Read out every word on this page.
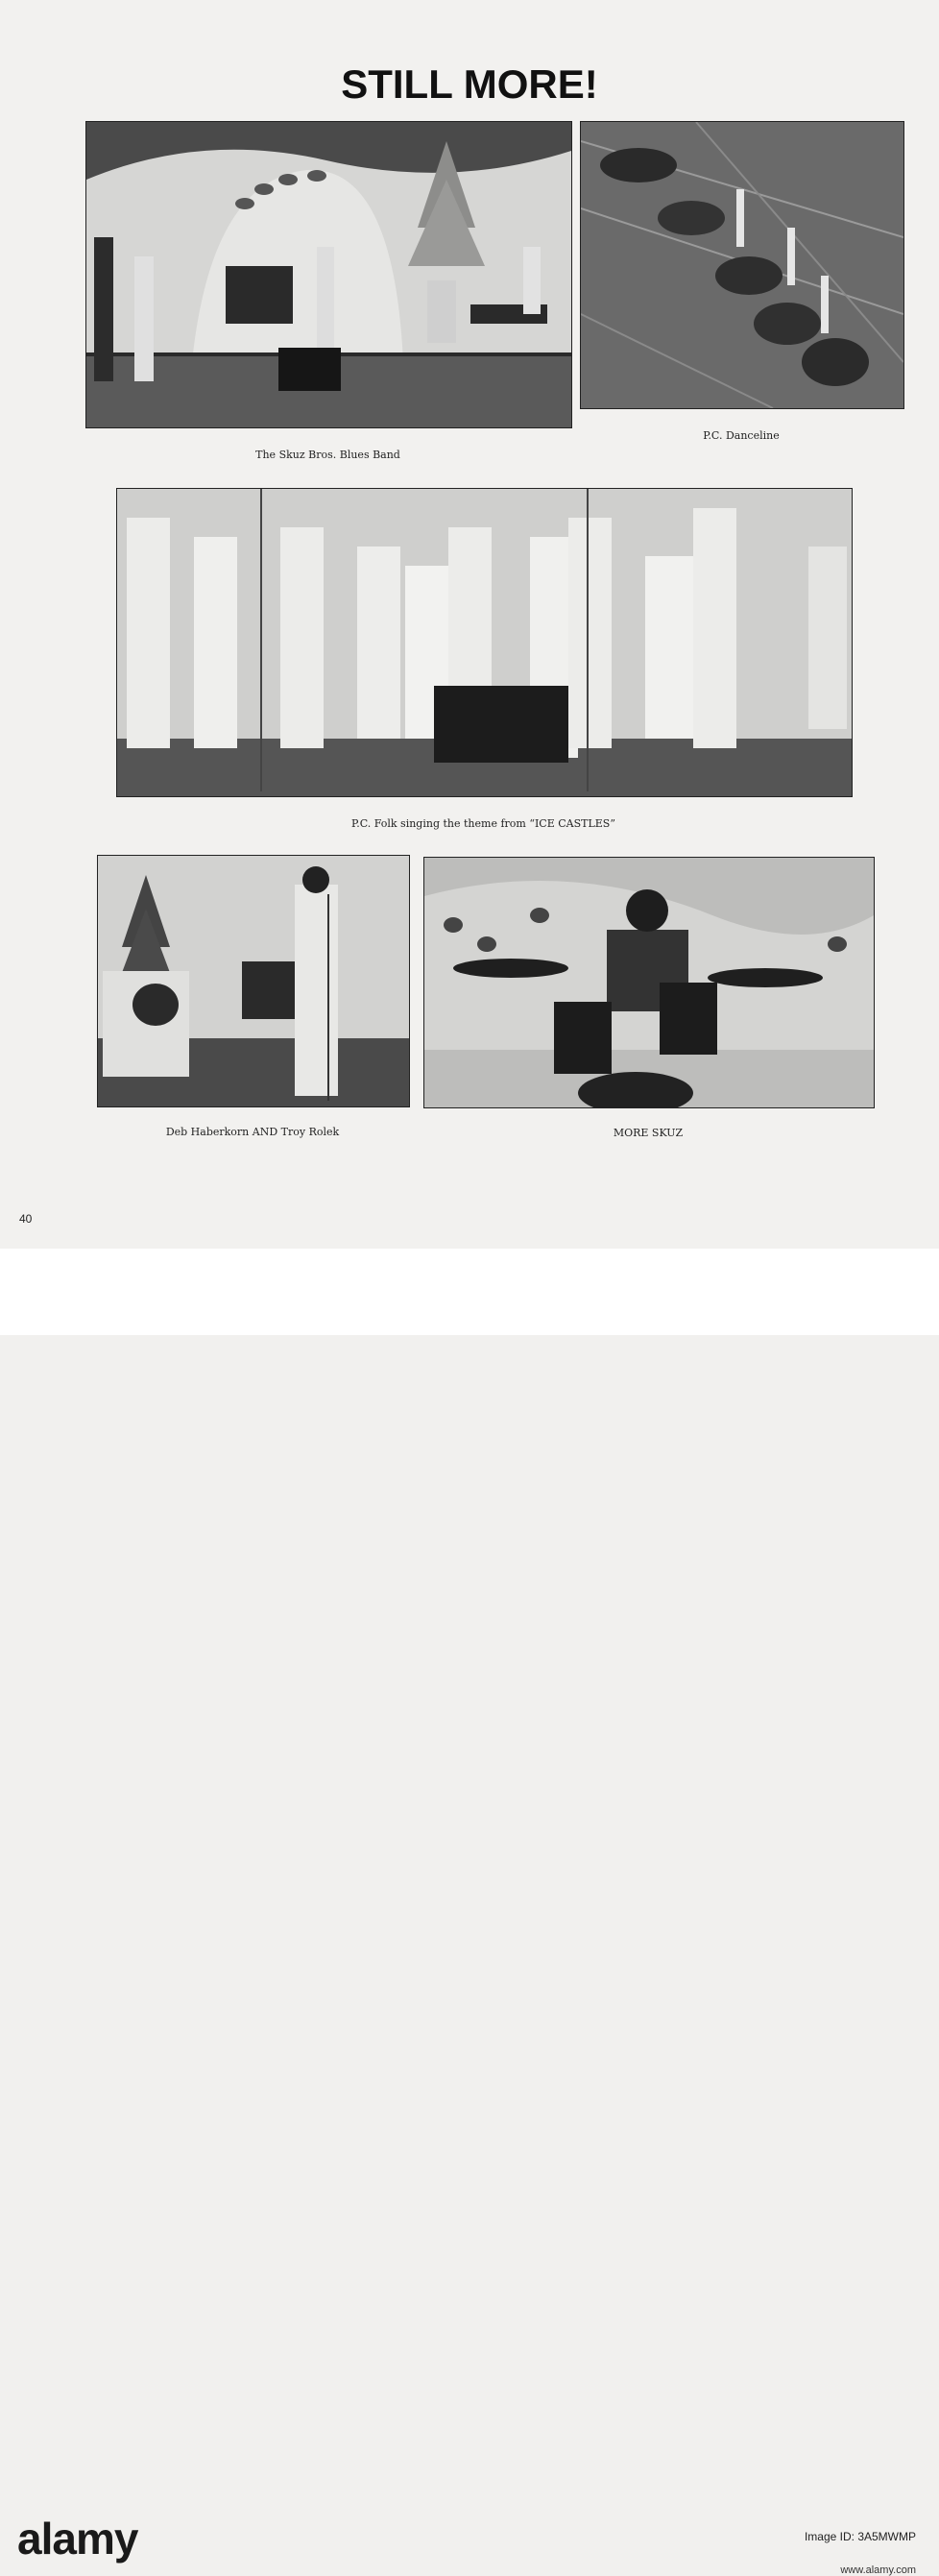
STILL MORE!
The Skuz Bros. Blues Band
P.C. Danceline
P.C. Folk singing the theme from “ICE CASTLES”
Deb Haberkorn AND Troy Rolek	MORE SKUZ
40
alamy	Image ID: 3A5MWMP
www.alamy.com
